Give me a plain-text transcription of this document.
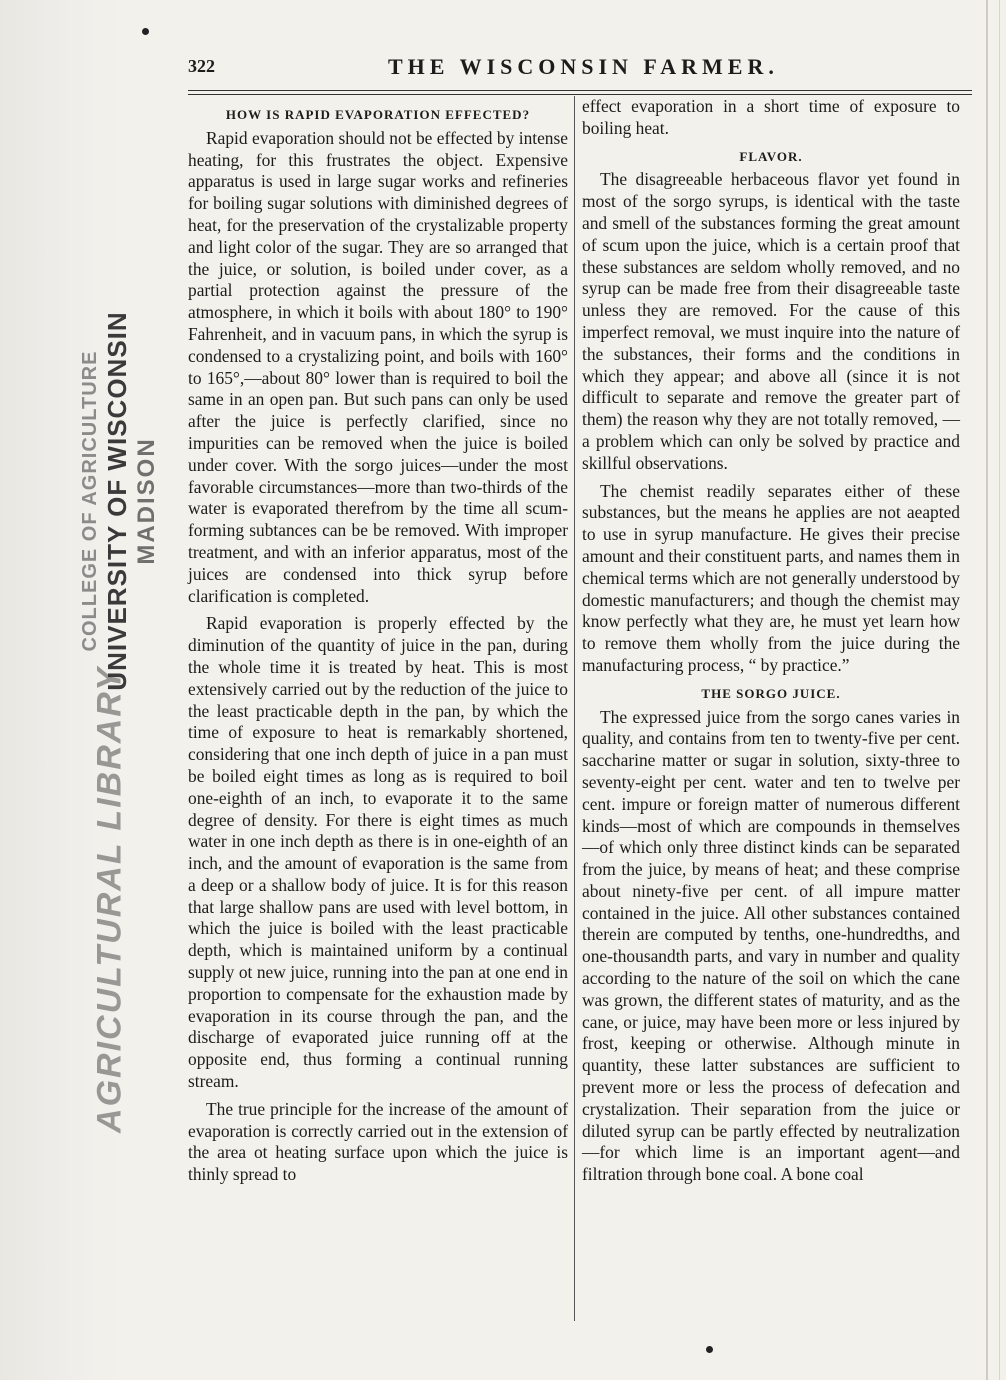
COLLEGE OF AGRICULTURE UNIVERSITY OF WISCONSIN MADISON
AGRICULTURAL LIBRARY
322	THE WISCONSIN FARMER.
HOW IS RAPID EVAPORATION EFFECTED?

Rapid evaporation should not be effected by intense heating, for this frustrates the object. Expensive apparatus is used in large sugar works and refineries for boiling sugar solutions with diminished degrees of heat, for the preservation of the crystalizable property and light color of the sugar. They are so arranged that the juice, or solution, is boiled under cover, as a partial protection against the pressure of the atmosphere, in which it boils with about 180° to 190° Fahrenheit, and in vacuum pans, in which the syrup is condensed to a crystalizing point, and boils with 160° to 165°,—about 80° lower than is required to boil the same in an open pan. But such pans can only be used after the juice is perfectly clarified, since no impurities can be removed when the juice is boiled under cover. With the sorgo juices—under the most favorable circumstances—more than two-thirds of the water is evaporated therefrom by the time all scum-forming subtances can be be removed. With improper treatment, and with an inferior apparatus, most of the juices are condensed into thick syrup before clarification is completed.

Rapid evaporation is properly effected by the diminution of the quantity of juice in the pan, during the whole time it is treated by heat. This is most extensively carried out by the reduction of the juice to the least practicable depth in the pan, by which the time of exposure to heat is remarkably shortened, considering that one inch depth of juice in a pan must be boiled eight times as long as is required to boil one-eighth of an inch, to evaporate it to the same degree of density. For there is eight times as much water in one inch depth as there is in one-eighth of an inch, and the amount of evaporation is the same from a deep or a shallow body of juice. It is for this reason that large shallow pans are used with level bottom, in which the juice is boiled with the least practicable depth, which is maintained uniform by a continual supply ot new juice, running into the pan at one end in proportion to compensate for the exhaustion made by evaporation in its course through the pan, and the discharge of evaporated juice running off at the opposite end, thus forming a continual running stream.

The true principle for the increase of the amount of evaporation is correctly carried out in the extension of the area ot heating surface upon which the juice is thinly spread to

effect evaporation in a short time of exposure to boiling heat.

FLAVOR.

The disagreeable herbaceous flavor yet found in most of the sorgo syrups, is identical with the taste and smell of the substances forming the great amount of scum upon the juice, which is a certain proof that these substances are seldom wholly removed, and no syrup can be made free from their disagreeable taste unless they are removed. For the cause of this imperfect removal, we must inquire into the nature of the substances, their forms and the conditions in which they appear; and above all (since it is not difficult to separate and remove the greater part of them) the reason why they are not totally removed, — a problem which can only be solved by practice and skillful observations.

The chemist readily separates either of these substances, but the means he applies are not aeapted to use in syrup manufacture. He gives their precise amount and their constituent parts, and names them in chemical terms which are not generally understood by domestic manufacturers; and though the chemist may know perfectly what they are, he must yet learn how to remove them wholly from the juice during the manufacturing process, “ by practice.”

THE SORGO JUICE.

The expressed juice from the sorgo canes varies in quality, and contains from ten to twenty-five per cent. saccharine matter or sugar in solution, sixty-three to seventy-eight per cent. water and ten to twelve per cent. impure or foreign matter of numerous different kinds—most of which are compounds in themselves—of which only three distinct kinds can be separated from the juice, by means of heat; and these comprise about ninety-five per cent. of all impure matter contained in the juice. All other substances contained therein are computed by tenths, one-hundredths, and one-thousandth parts, and vary in number and quality according to the nature of the soil on which the cane was grown, the different states of maturity, and as the cane, or juice, may have been more or less injured by frost, keeping or otherwise. Although minute in quantity, these latter substances are sufficient to prevent more or less the process of defecation and crystalization. Their separation from the juice or diluted syrup can be partly effected by neutralization—for which lime is an important agent—and filtration through bone coal. A bone coal
